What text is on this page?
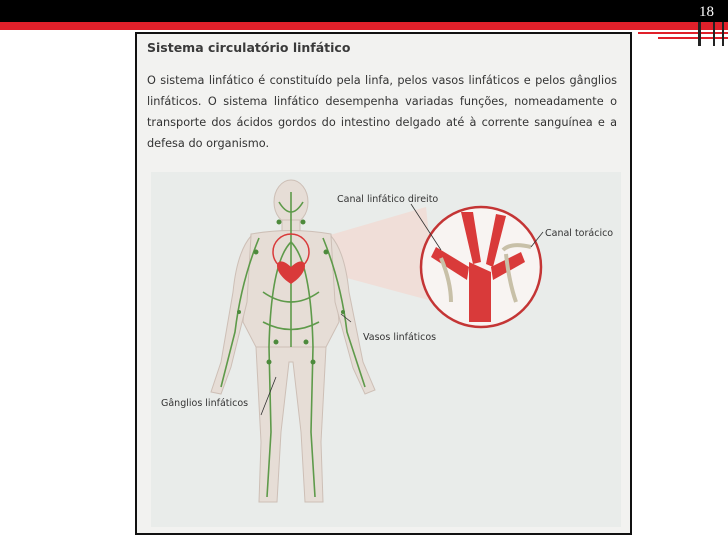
18
Sistema circulatório linfático
O sistema linfático é constituído pela linfa, pelos vasos linfáticos e pelos gânglios linfáticos. O sistema linfático desempenha variadas funções, nomeadamente o transporte dos ácidos gordos do intestino delgado até à corrente sanguínea e a defesa do organismo.
Canal linfático direito
Canal torácico
Vasos linfáticos
Gânglios linfáticos
